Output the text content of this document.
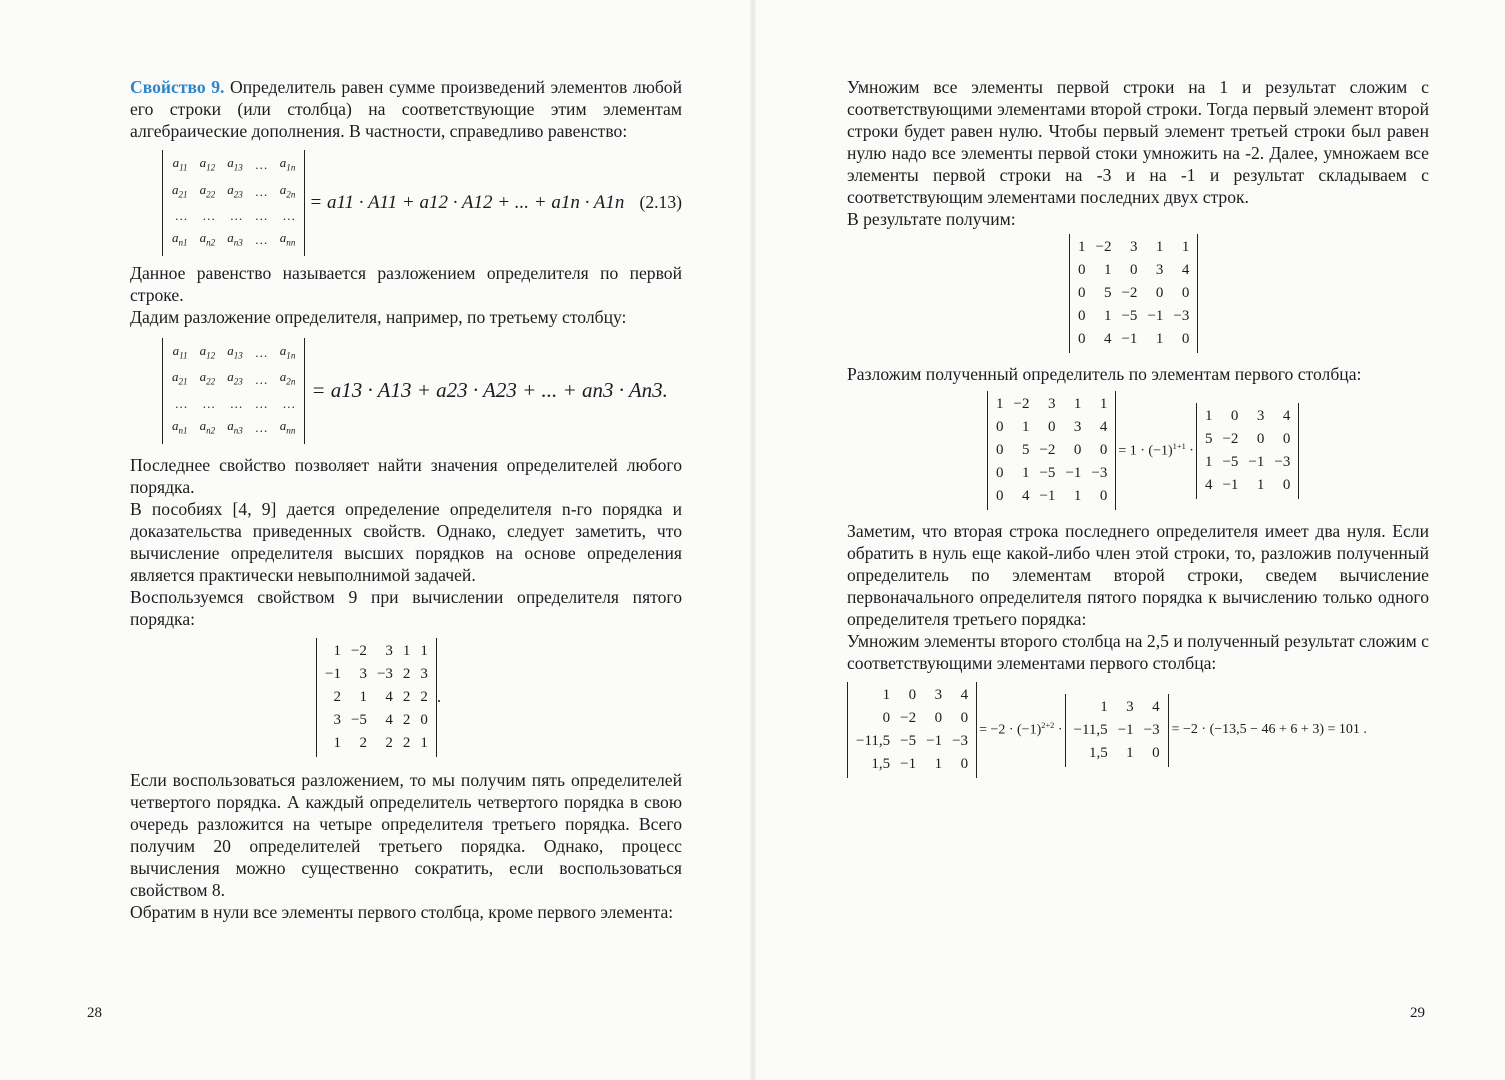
Свойство 9. Определитель равен сумме произведений элементов любой его строки (или столбца) на соответствующие этим элементам алгебраические дополнения. В частности, справедливо равенство:

$a_{11}$	$a_{12}$	$a_{13}$	…	$a_{1n}$
$a_{21}$	$a_{22}$	$a_{23}$	…	$a_{2n}$
…	…	…	…	…
$a_{n1}$	$a_{n2}$	$a_{n3}$	…	$a_{nn}$
= a11 · A11 + a12 · A12 + ... + a1n · A1n (2.13)

Данное равенство называется разложением определителя по первой строке.

Дадим разложение определителя, например, по третьему столбцу:

$a_{11}$	$a_{12}$	$a_{13}$	…	$a_{1n}$
$a_{21}$	$a_{22}$	$a_{23}$	…	$a_{2n}$
…	…	…	…	…
$a_{n1}$	$a_{n2}$	$a_{n3}$	…	$a_{nn}$
= a13 · A13 + a23 · A23 + ... + an3 · An3.

Последнее свойство позволяет найти значения определителей любого порядка.

В пособиях [4, 9] дается определение определителя n-го порядка и доказательства приведенных свойств. Однако, следует заметить, что вычисление определителя высших порядков на основе определения является практически невыполнимой задачей.

Воспользуемся свойством 9 при вычислении определителя пятого порядка:

1	−2	3	1	1
−1	3	−3	2	3
2	1	4	2	2
3	−5	4	2	0
1	2	2	2	1
.

Если воспользоваться разложением, то мы получим пять определителей четвертого порядка. А каждый определитель четвертого порядка в свою очередь разложится на четыре определителя третьего порядка. Всего получим 20 определителей третьего порядка. Однако, процесс вычисления можно существенно сократить, если воспользоваться свойством 8.

Обратим в нули все элементы первого столбца, кроме первого элемента:

28

Умножим все элементы первой строки на 1 и результат сложим с соответствующими элементами второй строки. Тогда первый элемент второй строки будет равен нулю. Чтобы первый элемент третьей строки был равен нулю надо все элементы первой стоки умножить на -2. Далее, умножаем все элементы первой строки на -3 и на -1 и результат складываем с соответствующим элементами последних двух строк.

В результате получим:

1	−2	3	1	1
0	1	0	3	4
0	5	−2	0	0
0	1	−5	−1	−3
0	4	−1	1	0

Разложим полученный определитель по элементам первого столбца:

1	−2	3	1	1
0	1	0	3	4
0	5	−2	0	0
0	1	−5	−1	−3
0	4	−1	1	0
= $1 \cdot (-1)^{1+1}$ ·
1	0	3	4
5	−2	0	0
1	−5	−1	−3
4	−1	1	0

Заметим, что вторая строка последнего определителя имеет два нуля. Если обратить в нуль еще какой-либо член этой строки, то, разложив полученный определитель по элементам второй строки, сведем вычисление первоначального определителя пятого порядка к вычислению только одного определителя третьего порядка:

Умножим элементы второго столбца на 2,5 и полученный результат сложим с соответствующими элементами первого столбца:

1	0	3	4
0	−2	0	0
−11,5	−5	−1	−3
1,5	−1	1	0
= $-2 \cdot (-1)^{2+2}$ ·
1	3	4
−11,5	−1	−3
1,5	1	0
= −2 · (−13,5 − 46 + 6 + 3) = 101 .
29
